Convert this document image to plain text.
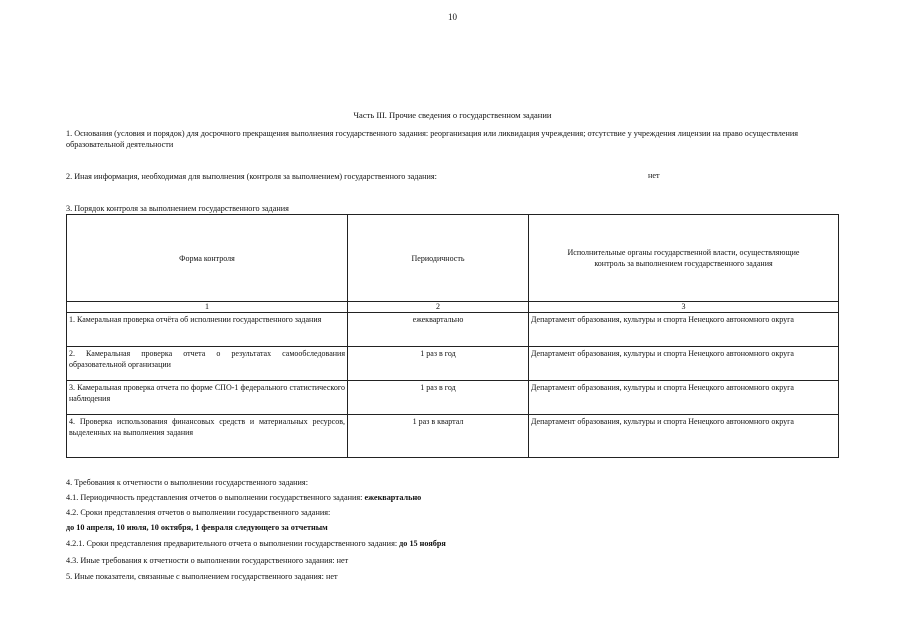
10
Часть III. Прочие сведения о государственном задании
1. Основания (условия и порядок) для досрочного прекращения выполнения государственного задания: реорганизация или ликвидация учреждения; отсутствие у учреждения лицензии на право осуществления образовательной деятельности
2. Иная информация, необходимая для выполнения (контроля за выполнением) государственного задания:	нет
3. Порядок контроля за выполнением государственного задания
Форма контроля	Периодичность	Исполнительные органы государственной власти, осуществляющие контроль за выполнением государственного задания

1	2	3
1. Камеральная проверка отчёта об исполнении государственного задания	ежеквартально	Департамент образования, культуры и спорта Ненецкого автономного округа
2. Камеральная проверка отчета о результатах самообследования образовательной организации	1 раз в год	Департамент образования, культуры и спорта Ненецкого автономного округа
3. Камеральная проверка отчета по форме СПО-1 федерального статистического наблюдения	1 раз в год	Департамент образования, культуры и спорта Ненецкого автономного округа
4. Проверка использования финансовых средств и материальных ресурсов, выделенных на выполнения задания	1 раз в квартал	Департамент образования, культуры и спорта Ненецкого автономного округа
4. Требования к отчетности о выполнении государственного задания:
4.1. Периодичность представления отчетов о выполнении государственного задания: ежеквартально
4.2. Сроки представления отчетов о выполнении государственного задания:
до 10 апреля, 10 июля, 10 октября, 1 февраля следующего за отчетным
4.2.1. Сроки представления предварительного отчета о выполнении государственного задания: до 15 ноября
4.3. Иные требования к отчетности о выполнении государственного задания: нет
5. Иные показатели, связанные с выполнением государственного задания: нет
